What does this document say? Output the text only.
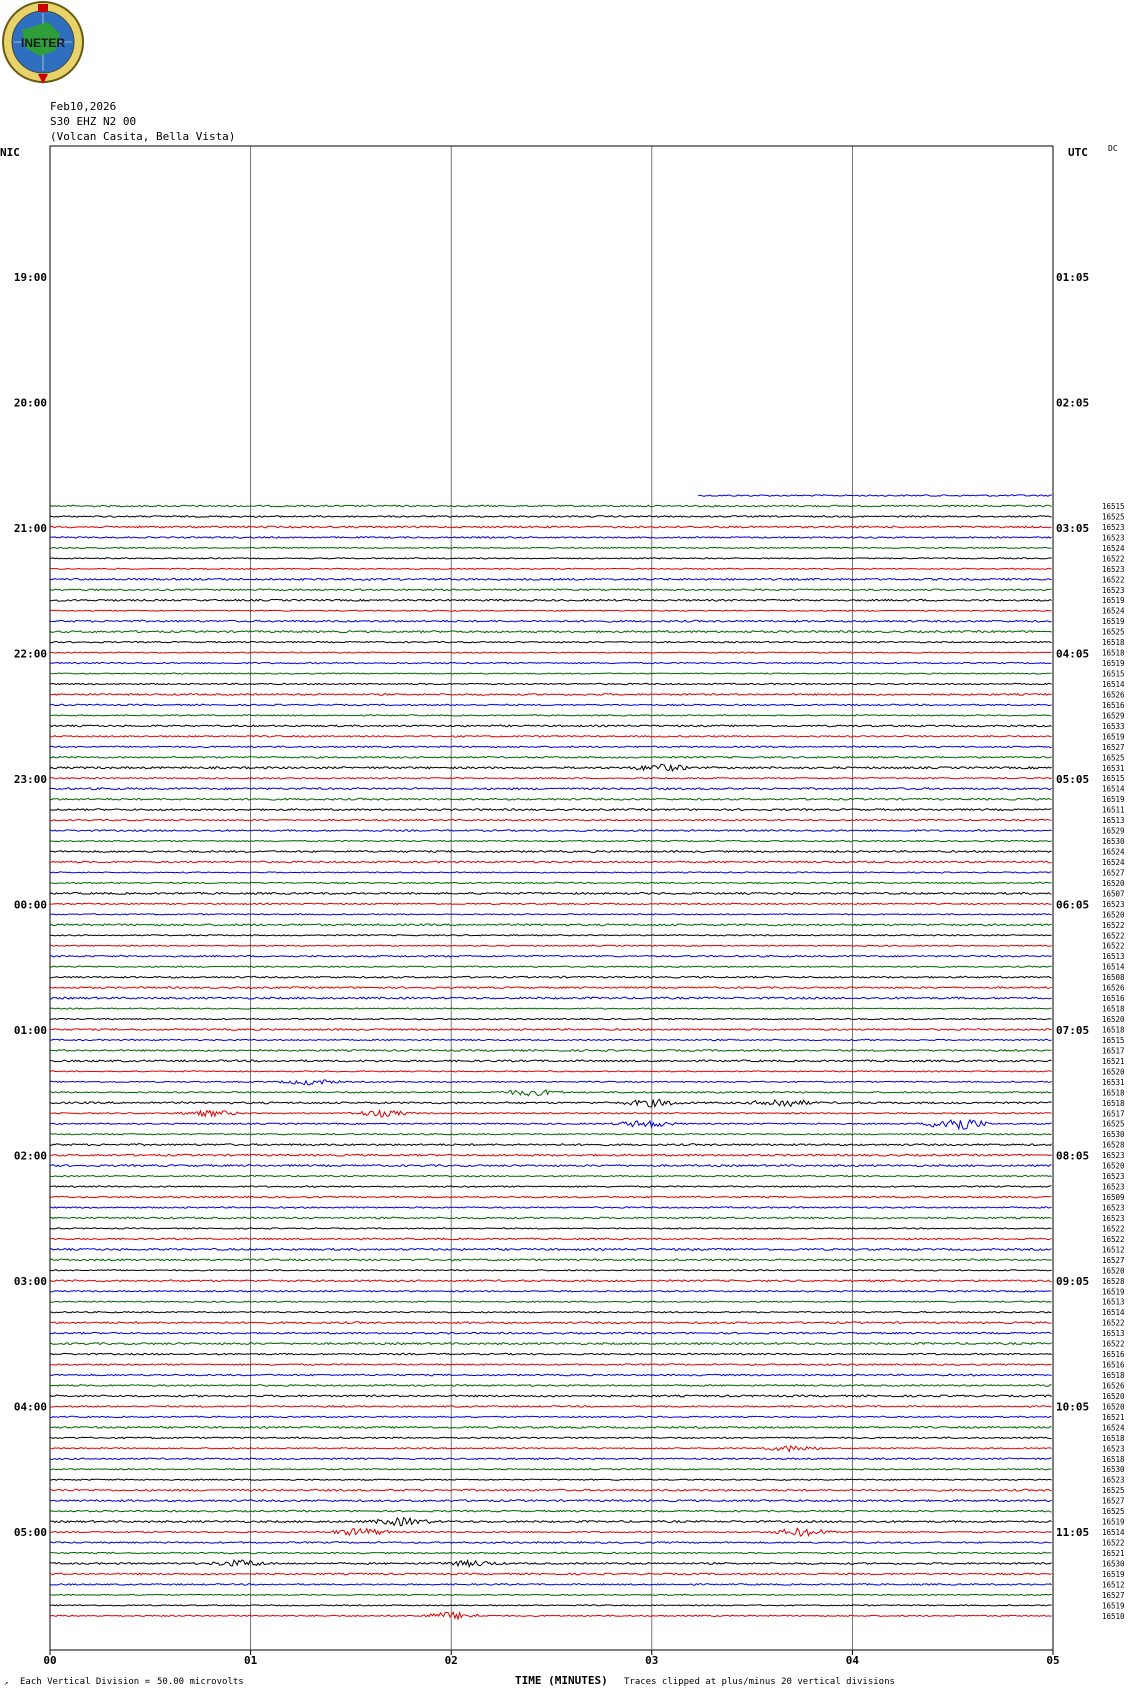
INETER
Feb10,2026
S30 EHZ N2 00
(Volcan Casita, Bella Vista)
NIC	UTC	DC
00	01	02	03	04	05
19:00
20:00
21:00
22:00
23:00
00:00
01:00
02:00
03:00
04:00
05:00
01:05
02:05
03:05
04:05
05:05
06:05
07:05
08:05
09:05
10:05
11:05
16515
16525
16523
16523
16524
16522
16523
16522
16523
16519
16524
16519
16525
16518
16518
16519
16515
16514
16526
16516
16529
16533
16519
16527
16525
16531
16515
16514
16519
16511
16513
16529
16530
16524
16524
16527
16520
16507
16523
16520
16522
16522
16522
16513
16514
16508
16526
16516
16518
16520
16518
16515
16517
16521
16520
16531
16518
16518
16517
16525
16530
16528
16523
16520
16523
16523
16509
16523
16523
16522
16522
16512
16527
16520
16528
16519
16513
16514
16522
16513
16522
16516
16516
16518
16526
16520
16520
16521
16524
16518
16523
16518
16530
16523
16525
16527
16525
16519
16514
16522
16521
16530
16519
16512
16527
16519
16510
↗ Each Vertical Division = 50.00 microvolts	TIME (MINUTES) Traces clipped at plus/minus 20 vertical divisions
